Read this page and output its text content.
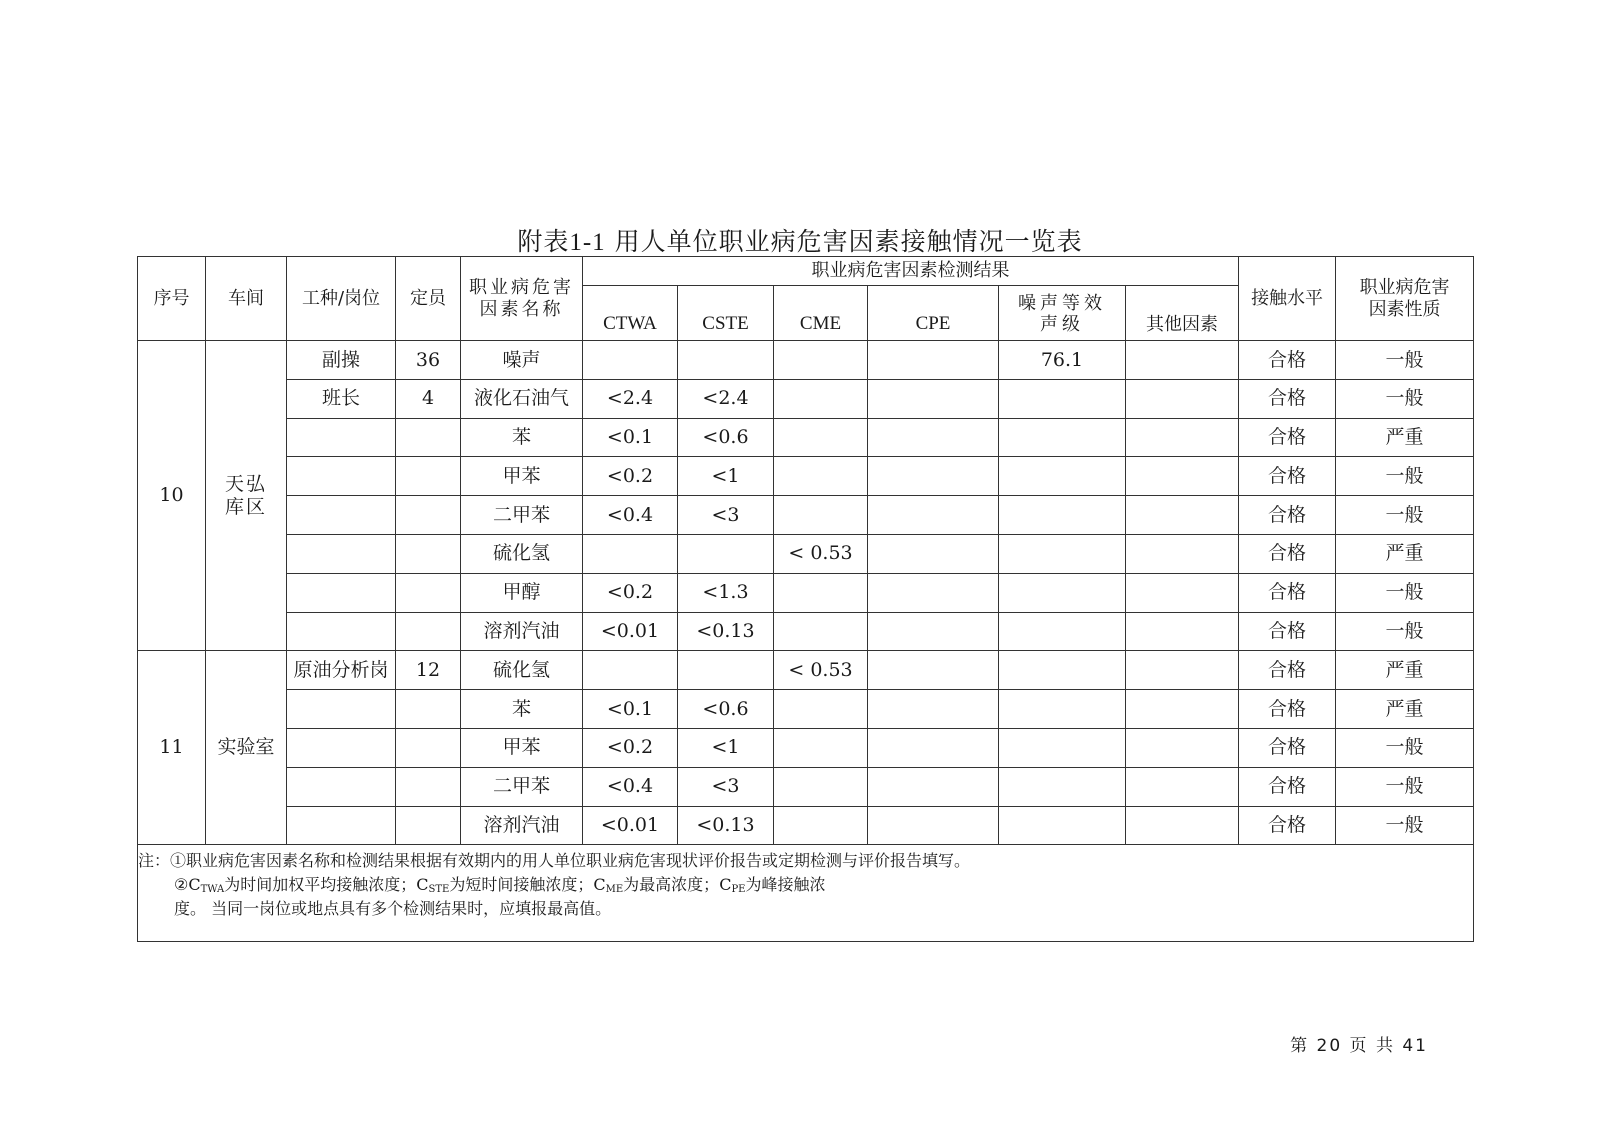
附表1-1 用人单位职业病危害因素接触情况一览表
序号	车间	工种/岗位	定员	职业病危害因素名称	职业病危害因素检测结果						接触水平	职业病危害因素性质
					CTWA	CSTE	CME	CPE	噪声等效声级	其他因素		
10	天弘库区	副操	36	噪声					76.1		合格	一般
		班长	4	液化石油气	<2.4	<2.4					合格	一般
				苯	<0.1	<0.6					合格	严重
				甲苯	<0.2	<1					合格	一般
				二甲苯	<0.4	<3					合格	一般
				硫化氢			< 0.53				合格	严重
				甲醇	<0.2	<1.3					合格	一般
				溶剂汽油	<0.01	<0.13					合格	一般
11	实验室	原油分析岗	12	硫化氢			< 0.53				合格	严重
				苯	<0.1	<0.6					合格	严重
				甲苯	<0.2	<1					合格	一般
				二甲苯	<0.4	<3					合格	一般
				溶剂汽油	<0.01	<0.13					合格	一般

注：①职业病危害因素名称和检测结果根据有效期内的用人单位职业病危害现状评价报告或定期检测与评价报告填写。
$②C_{TWA}$为时间加权平均接触浓度；$C_{STE}$为短时间接触浓度；$C_{ME}$为最高浓度；$C_{PE}$为峰接触浓
度。 当同一岗位或地点具有多个检测结果时，应填报最高值。												
第 20 页 共 41
